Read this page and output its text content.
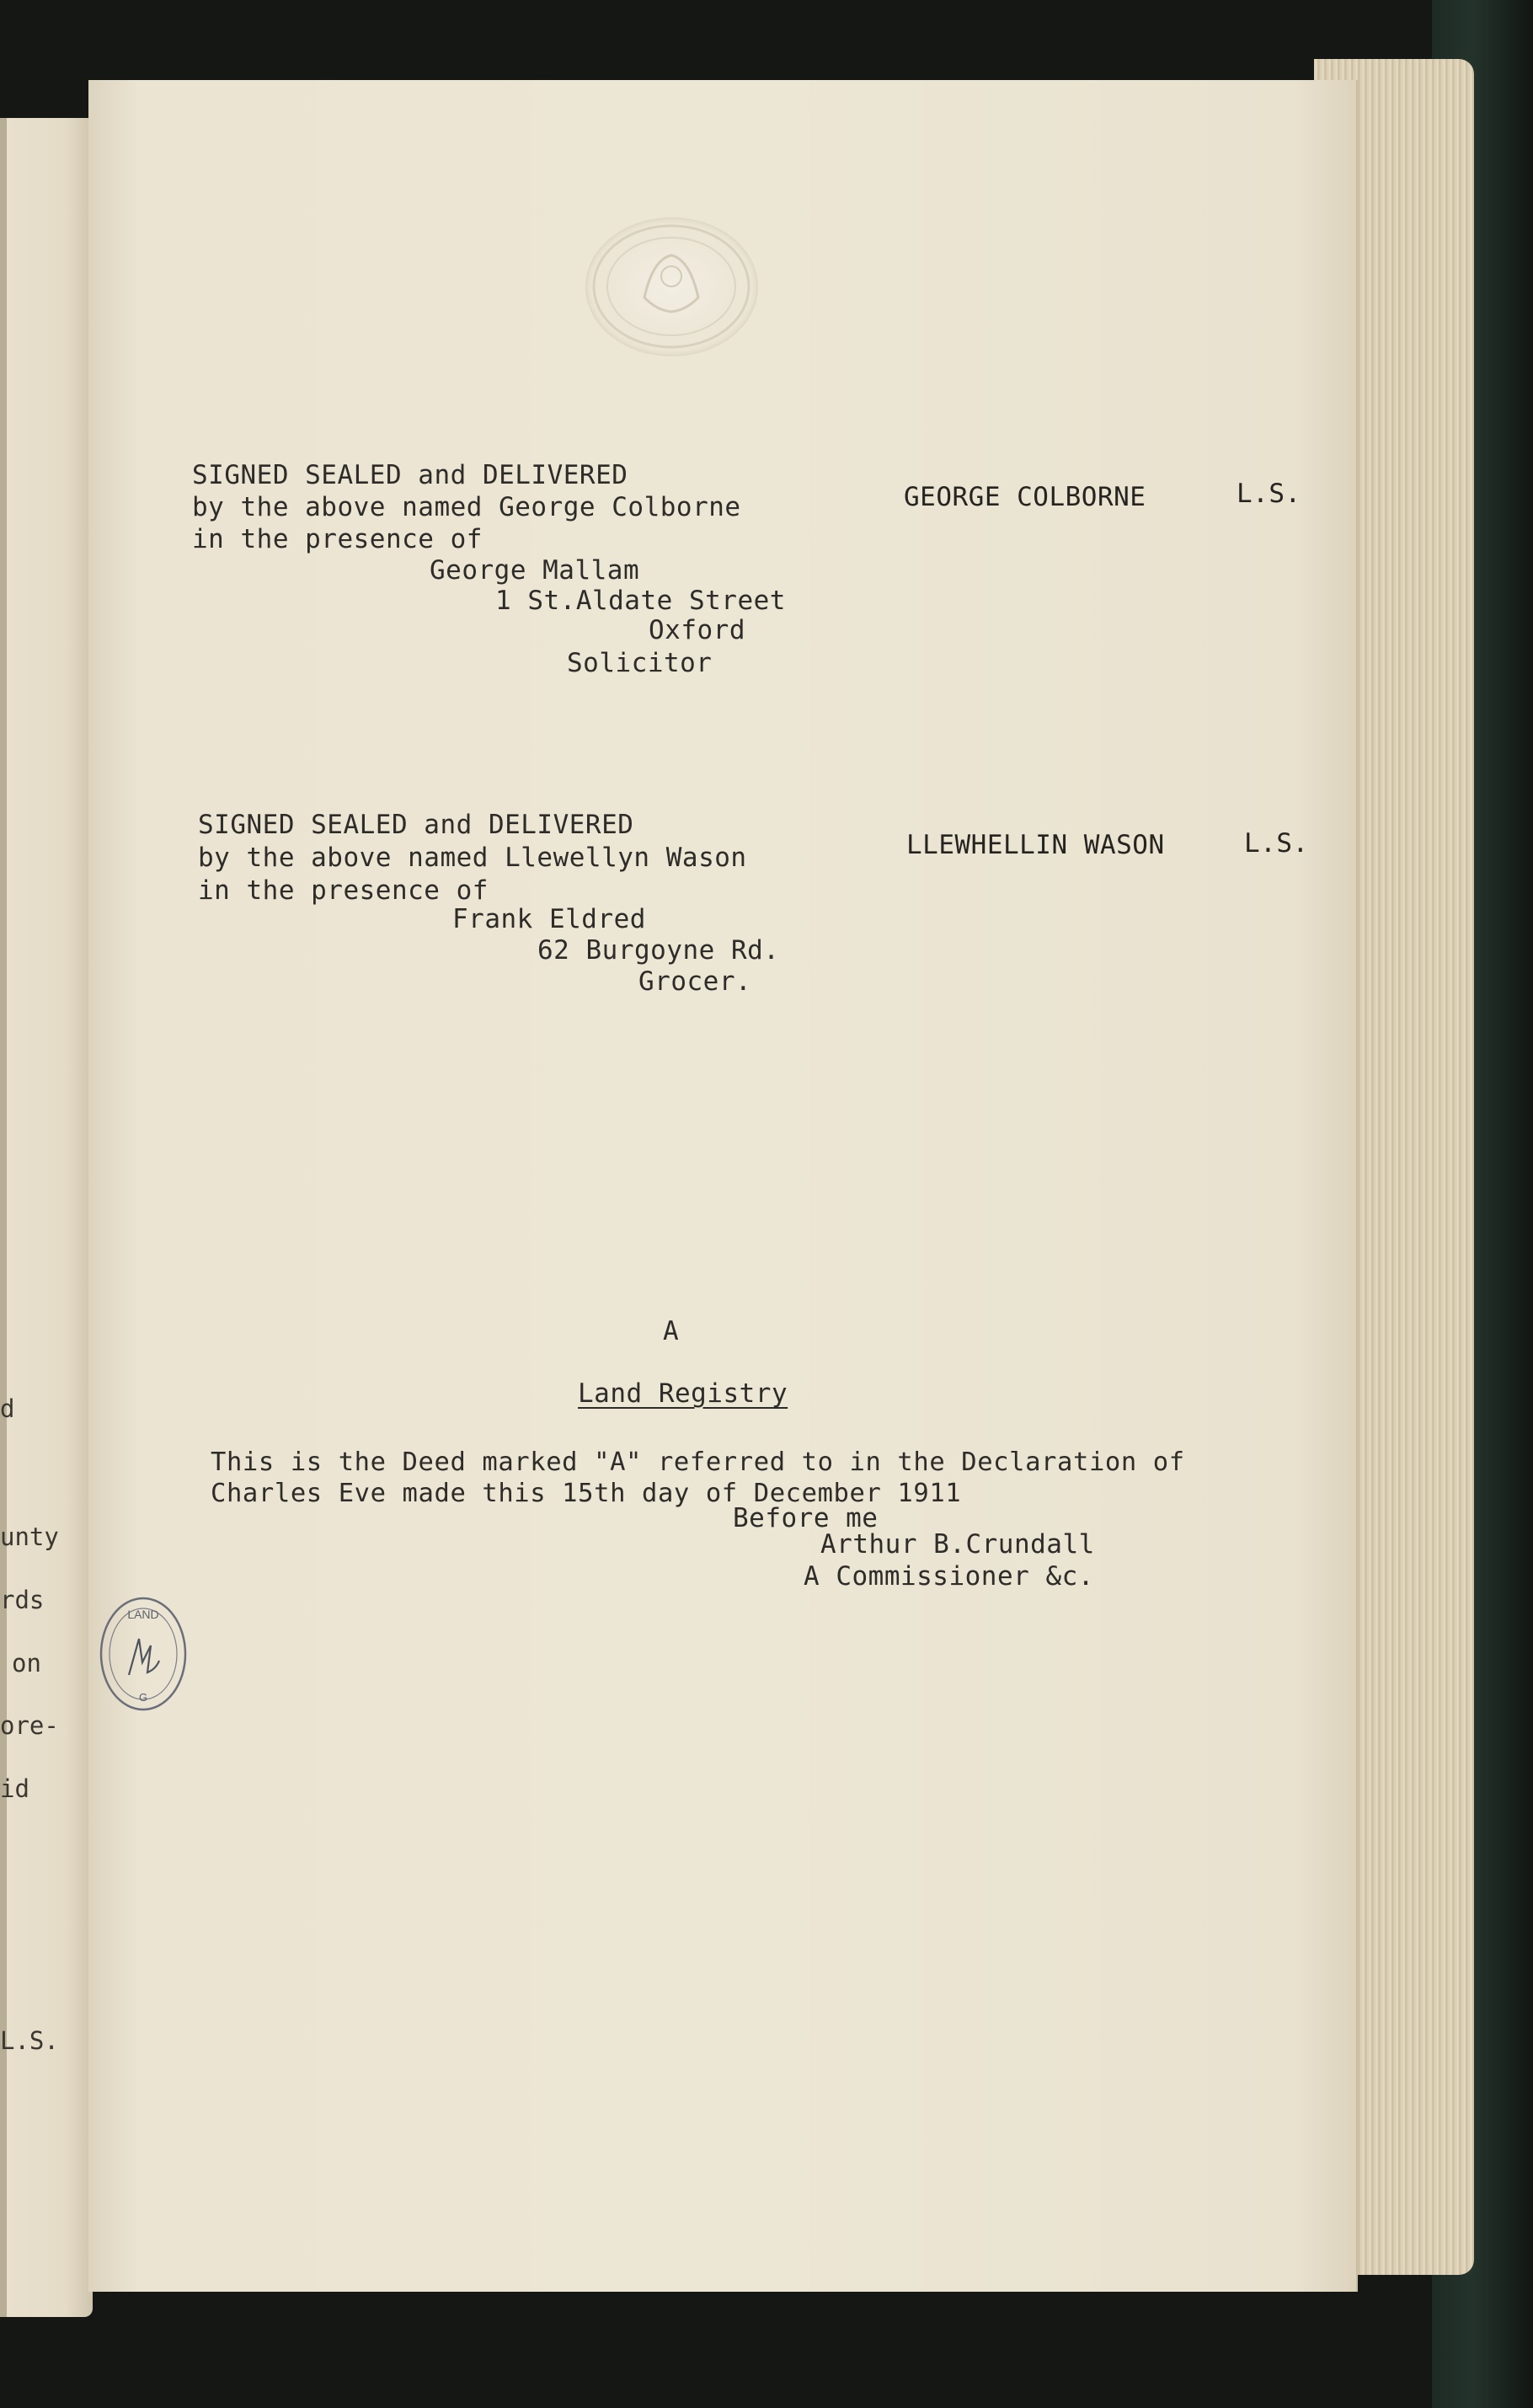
d
unty
rds
on
ore-
id
L.S.
SIGNED SEALED and DELIVERED
by the above named George Colborne
in the presence of
George Mallam
1 St.Aldate Street
Oxford
Solicitor
GEORGE COLBORNE	L.S.
SIGNED SEALED and DELIVERED
by the above named Llewellyn Wason
in the presence of
Frank Eldred
62 Burgoyne Rd.
Grocer.
LLEWHELLIN WASON	L.S.
A
Land Registry
This is the Deed marked "A" referred to in the Declaration of
Charles Eve made this 15th day of December 1911
Before me
Arthur B.Crundall
A Commissioner &c.
LAND
G
